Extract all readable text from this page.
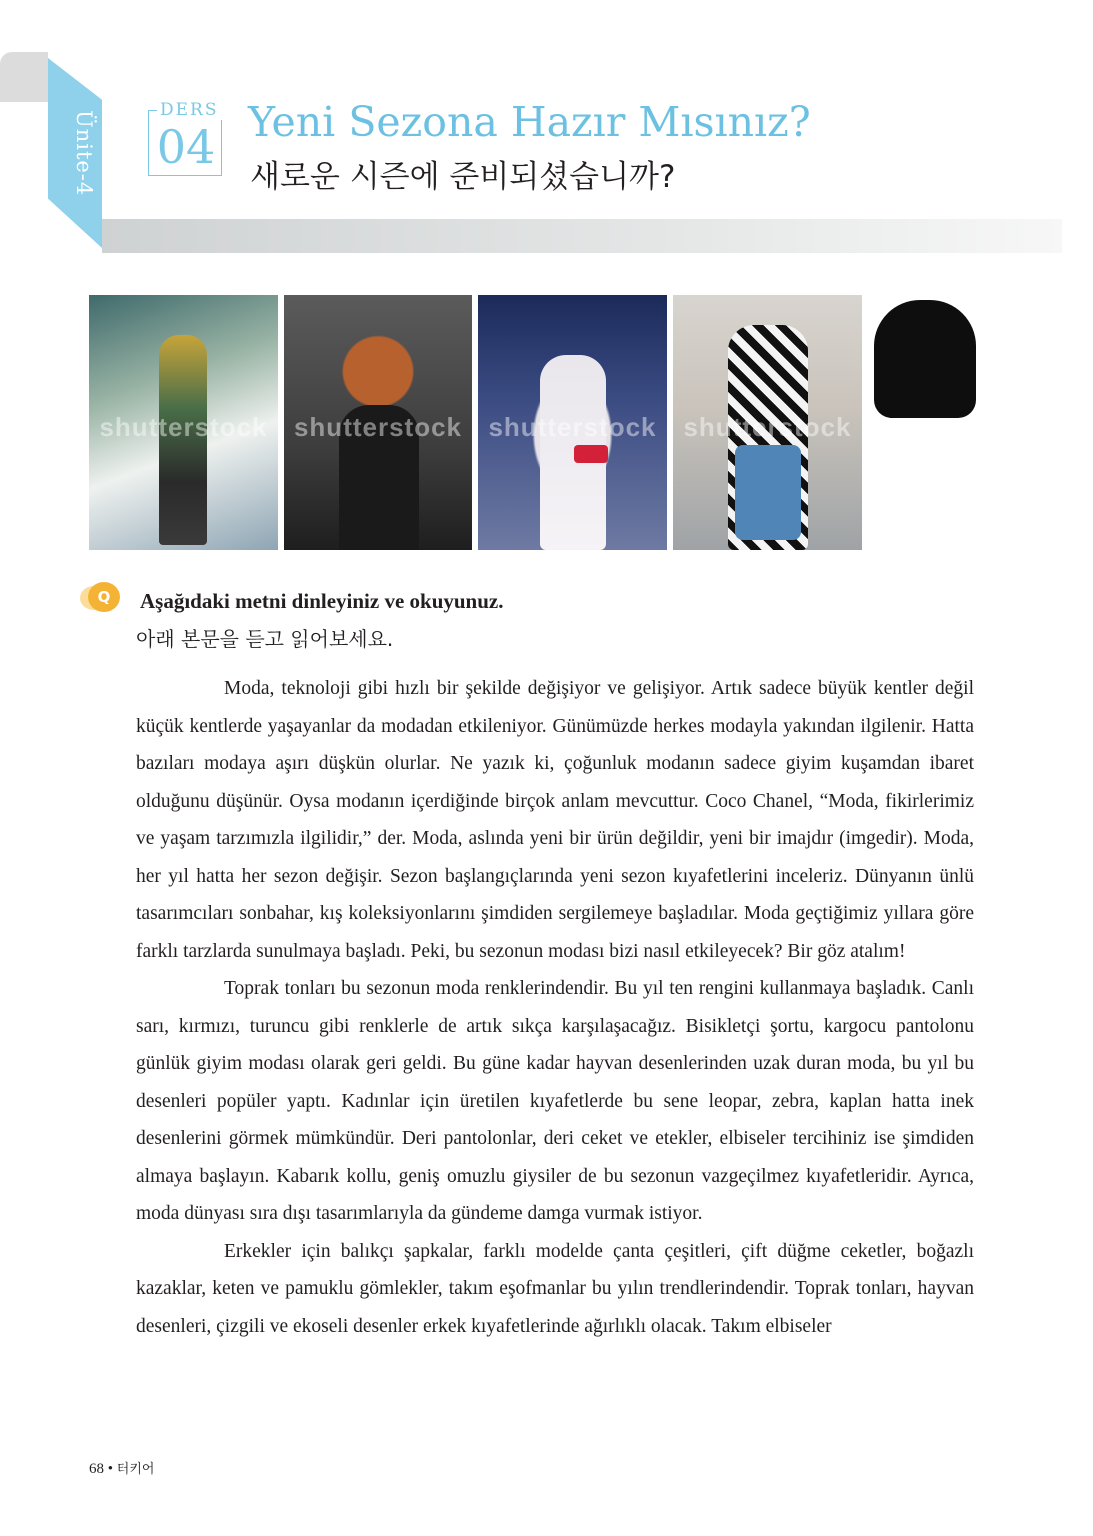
Ünite-4	DERS
04 Yeni Sezona Hazır Mısınız?
새로운 시즌에 준비되셨습니까?
shutterstock	shutterstock	shutterstock	shutterstock
Q	Aşağıdaki metni dinleyiniz ve okuyunuz.
아래 본문을 듣고 읽어보세요.

Moda, teknoloji gibi hızlı bir şekilde değişiyor ve gelişiyor. Artık sadece büyük kentler değil küçük kentlerde yaşayanlar da modadan etkileniyor. Günümüzde herkes modayla yakından ilgilenir. Hatta bazıları modaya aşırı düşkün olurlar. Ne yazık ki, çoğunluk modanın sadece giyim kuşamdan ibaret olduğunu düşünür. Oysa modanın içerdiğinde birçok anlam mevcuttur. Coco Chanel, “Moda, fikirlerimiz ve yaşam tarzımızla ilgilidir,” der. Moda, aslında yeni bir ürün değildir, yeni bir imajdır (imgedir). Moda, her yıl hatta her sezon değişir. Sezon başlangıçlarında yeni sezon kıyafetlerini inceleriz. Dünyanın ünlü tasarımcıları sonbahar, kış koleksiyonlarını şimdiden sergilemeye başladılar. Moda geçtiğimiz yıllara göre farklı tarzlarda sunulmaya başladı. Peki, bu sezonun modası bizi nasıl etkileyecek? Bir göz atalım!

Toprak tonları bu sezonun moda renklerindendir. Bu yıl ten rengini kullanmaya başladık. Canlı sarı, kırmızı, turuncu gibi renklerle de artık sıkça karşılaşacağız. Bisikletçi şortu, kargocu pantolonu günlük giyim modası olarak geri geldi. Bu güne kadar hayvan desenlerinden uzak duran moda, bu yıl bu desenleri popüler yaptı. Kadınlar için üretilen kıyafetlerde bu sene leopar, zebra, kaplan hatta inek desenlerini görmek mümkündür. Deri pantolonlar, deri ceket ve etekler, elbiseler tercihiniz ise şimdiden almaya başlayın. Kabarık kollu, geniş omuzlu giysiler de bu sezonun vazgeçilmez kıyafetleridir. Ayrıca, moda dünyası sıra dışı tasarımlarıyla da gündeme damga vurmak istiyor.

Erkekler için balıkçı şapkalar, farklı modelde çanta çeşitleri, çift düğme ceketler, boğazlı kazaklar, keten ve pamuklu gömlekler, takım eşofmanlar bu yılın trendlerindendir. Toprak tonları, hayvan desenleri, çizgili ve ekoseli desenler erkek kıyafetlerinde ağırlıklı olacak. Takım elbiseler

68 • 터키어
